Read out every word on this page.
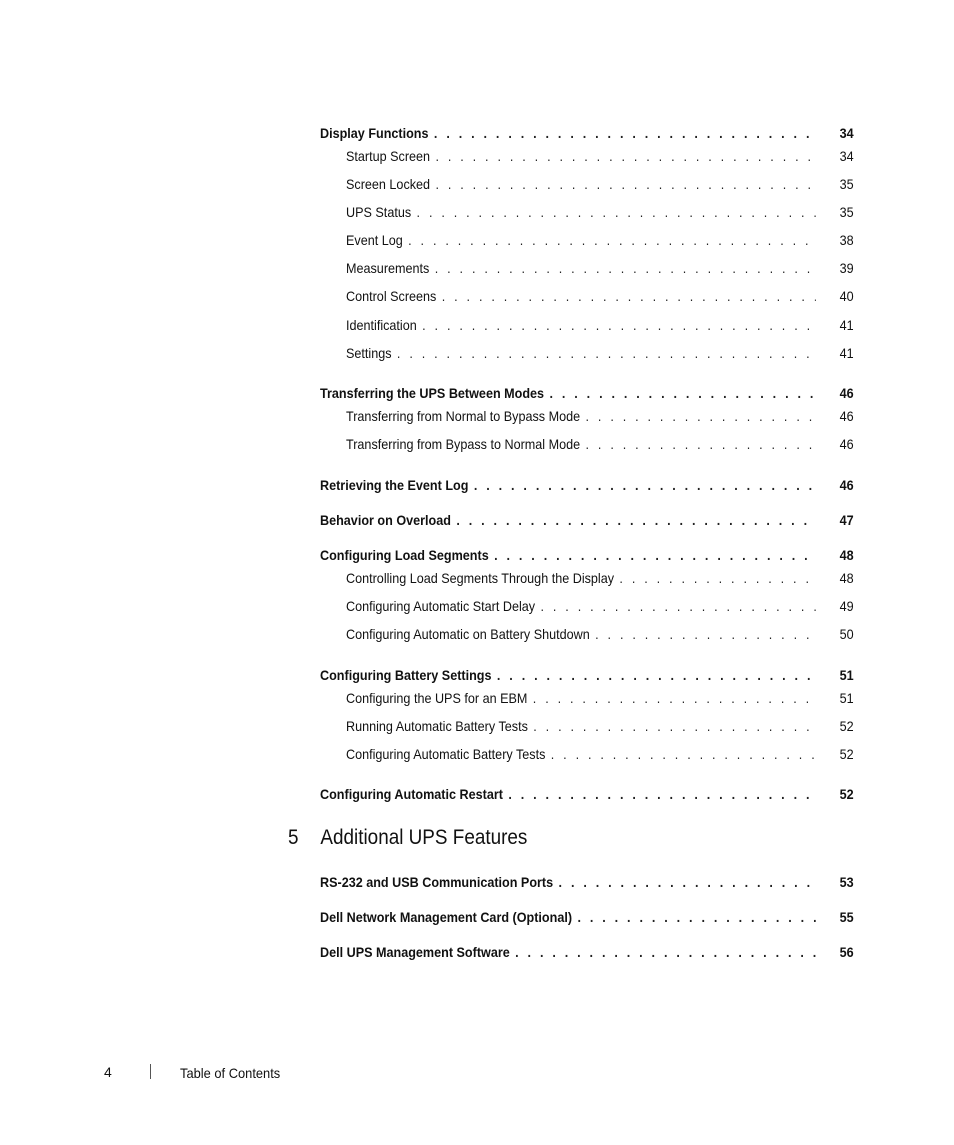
Display Functions . . .	34
Startup Screen . . .	34
Screen Locked . . .	35
UPS Status . . .	35
Event Log . . .	38
Measurements . . .	39
Control Screens . . .	40
Identification . . .	41
Settings . . .	41
Transferring the UPS Between Modes . . .	46
Transferring from Normal to Bypass Mode . . .	46
Transferring from Bypass to Normal Mode . . .	46
Retrieving the Event Log . . .	46
Behavior on Overload . . .	47
Configuring Load Segments . . .	48
Controlling Load Segments Through the Display . . .	48
Configuring Automatic Start Delay . . .	49
Configuring Automatic on Battery Shutdown . . .	50
Configuring Battery Settings . . .	51
Configuring the UPS for an EBM . . .	51
Running Automatic Battery Tests . . .	52
Configuring Automatic Battery Tests . . .	52
Configuring Automatic Restart . . .	52
RS-232 and USB Communication Ports . . .	53
Dell Network Management Card (Optional) . . .	55
Dell UPS Management Software . . .	56
5	Additional UPS Features
4	Table of Contents
